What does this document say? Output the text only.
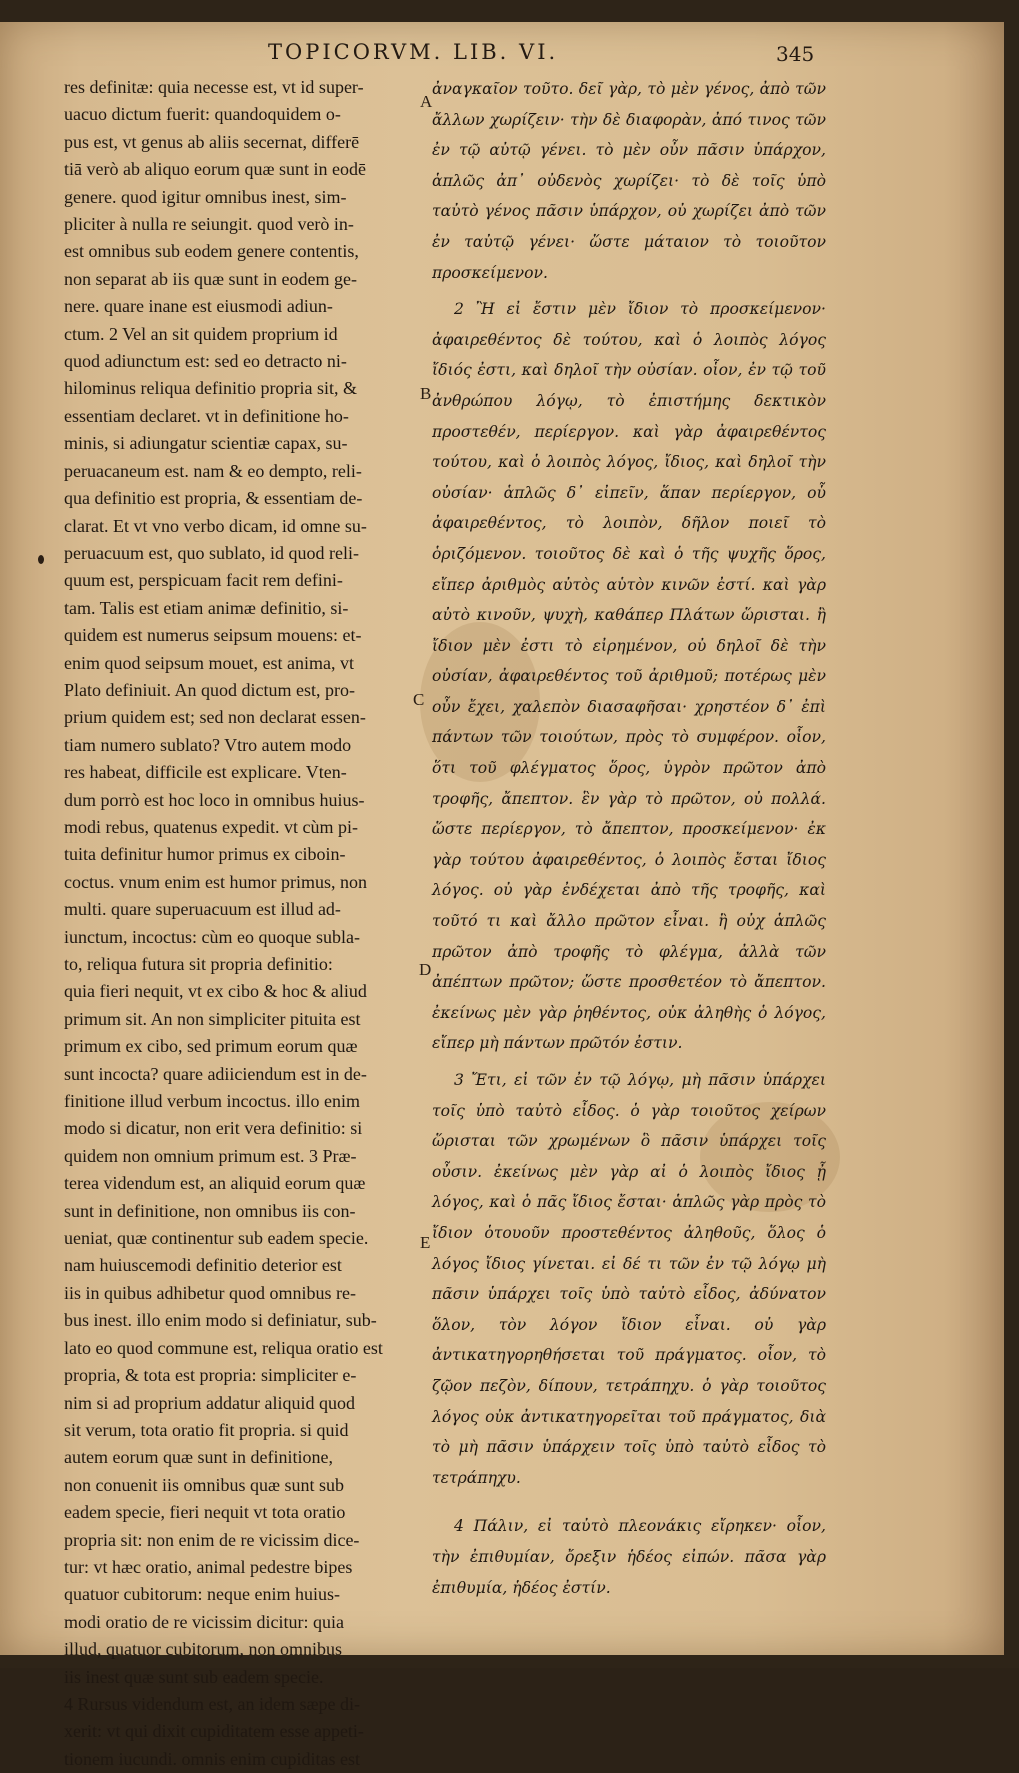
TOPICORVM. LIB. VI.	345

res definitæ: quia necesse est, vt id super-

uacuo dictum fuerit: quandoquidem o-

pus est, vt genus ab aliis secernat, differē

tiā verò ab aliquo eorum quæ sunt in eodē

genere. quod igitur omnibus inest, sim-

pliciter à nulla re seiungit. quod verò in-

est omnibus sub eodem genere contentis,

non separat ab iis quæ sunt in eodem ge-

nere. quare inane est eiusmodi adiun-

ctum. 2 Vel an sit quidem proprium id

quod adiunctum est: sed eo detracto ni-

hilominus reliqua definitio propria sit, &

essentiam declaret. vt in definitione ho-

minis, si adiungatur scientiæ capax, su-

peruacaneum est. nam & eo dempto, reli-

qua definitio est propria, & essentiam de-

clarat. Et vt vno verbo dicam, id omne su-

peruacuum est, quo sublato, id quod reli-

quum est, perspicuam facit rem defini-

tam. Talis est etiam animæ definitio, si-

quidem est numerus seipsum mouens: et-

enim quod seipsum mouet, est anima, vt

Plato definiuit. An quod dictum est, pro-

prium quidem est; sed non declarat essen-

tiam numero sublato? Vtro autem modo

res habeat, difficile est explicare. Vten-

dum porrò est hoc loco in omnibus huius-

modi rebus, quatenus expedit. vt cùm pi-

tuita definitur humor primus ex ciboin-

coctus. vnum enim est humor primus, non

multi. quare superuacuum est illud ad-

iunctum, incoctus: cùm eo quoque subla-

to, reliqua futura sit propria definitio:

quia fieri nequit, vt ex cibo & hoc & aliud

primum sit. An non simpliciter pituita est

primum ex cibo, sed primum eorum quæ

sunt incocta? quare adiiciendum est in de-

finitione illud verbum incoctus. illo enim

modo si dicatur, non erit vera definitio: si

quidem non omnium primum est. 3 Præ-

terea videndum est, an aliquid eorum quæ

sunt in definitione, non omnibus iis con-

ueniat, quæ continentur sub eadem specie.

nam huiuscemodi definitio deterior est

iis in quibus adhibetur quod omnibus re-

bus inest. illo enim modo si definiatur, sub-

lato eo quod commune est, reliqua oratio est

propria, & tota est propria: simpliciter e-

nim si ad proprium addatur aliquid quod

sit verum, tota oratio fit propria. si quid

autem eorum quæ sunt in definitione,

non conuenit iis omnibus quæ sunt sub

eadem specie, fieri nequit vt tota oratio

propria sit: non enim de re vicissim dice-

tur: vt hæc oratio, animal pedestre bipes

quatuor cubitorum: neque enim huius-

modi oratio de re vicissim dicitur: quia

illud, quatuor cubitorum, non omnibus

iis inest quæ sunt sub eadem specie.

4 Rursus videndum est, an idem sæpe di-

xerit: vt qui dixit cupiditatem esse appeti-

tionem iucundi. omnis enim cupiditas est

ἀναγκαῖον τοῦτο. δεῖ γὰρ, τὸ μὲν γένος, ἀπὸ τῶν ἄλλων χωρίζειν· τὴν δὲ διαφορὰν, ἀπό τινος τῶν ἐν τῷ αὐτῷ γένει. τὸ μὲν οὖν πᾶσιν ὑπάρχον, ἁπλῶς ἀπ᾽ οὐδενὸς χωρίζει· τὸ δὲ τοῖς ὑπὸ ταὐτὸ γένος πᾶσιν ὑπάρχον, οὐ χωρίζει ἀπὸ τῶν ἐν ταὐτῷ γένει· ὥστε μάταιον τὸ τοιοῦτον προσκείμενον.

2 Ἢ εἰ ἔστιν μὲν ἴδιον τὸ προσκείμενον· ἀφαιρεθέντος δὲ τούτου, καὶ ὁ λοιπὸς λόγος ἴδιός ἐστι, καὶ δηλοῖ τὴν οὐσίαν. οἷον, ἐν τῷ τοῦ ἀνθρώπου λόγῳ, τὸ ἐπιστήμης δεκτικὸν προστεθέν, περίεργον. καὶ γὰρ ἀφαιρεθέντος τούτου, καὶ ὁ λοιπὸς λόγος, ἴδιος, καὶ δηλοῖ τὴν οὐσίαν· ἁπλῶς δ᾽ εἰπεῖν, ἅπαν περίεργον, οὗ ἀφαιρεθέντος, τὸ λοιπὸν, δῆλον ποιεῖ τὸ ὁριζόμενον. τοιοῦτος δὲ καὶ ὁ τῆς ψυχῆς ὅρος, εἴπερ ἀριθμὸς αὐτὸς αὑτὸν κινῶν ἐστί. καὶ γὰρ αὐτὸ κινοῦν, ψυχὴ, καθάπερ Πλάτων ὥρισται. ἢ ἴδιον μὲν ἐστι τὸ εἰρημένον, οὐ δηλοῖ δὲ τὴν οὐσίαν, ἀφαιρεθέντος τοῦ ἀριθμοῦ; ποτέρως μὲν οὖν ἔχει, χαλεπὸν διασαφῆσαι· χρηστέον δ᾽ ἐπὶ πάντων τῶν τοιούτων, πρὸς τὸ συμφέρον. οἷον, ὅτι τοῦ φλέγματος ὅρος, ὑγρὸν πρῶτον ἀπὸ τροφῆς, ἄπεπτον. ἓν γὰρ τὸ πρῶτον, οὐ πολλά. ὥστε περίεργον, τὸ ἄπεπτον, προσκείμενον· ἐκ γὰρ τούτου ἀφαιρεθέντος, ὁ λοιπὸς ἔσται ἴδιος λόγος. οὐ γὰρ ἐνδέχεται ἀπὸ τῆς τροφῆς, καὶ τοῦτό τι καὶ ἄλλο πρῶτον εἶναι. ἢ οὐχ ἁπλῶς πρῶτον ἀπὸ τροφῆς τὸ φλέγμα, ἀλλὰ τῶν ἀπέπτων πρῶτον; ὥστε προσθετέον τὸ ἄπεπτον. ἐκείνως μὲν γὰρ ῥηθέντος, οὐκ ἀληθὴς ὁ λόγος, εἴπερ μὴ πάντων πρῶτόν ἐστιν.

3 Ἔτι, εἰ τῶν ἐν τῷ λόγῳ, μὴ πᾶσιν ὑπάρχει τοῖς ὑπὸ ταὐτὸ εἶδος. ὁ γὰρ τοιοῦτος χείρων ὥρισται τῶν χρωμένων ὃ πᾶσιν ὑπάρχει τοῖς οὖσιν. ἐκείνως μὲν γὰρ αἰ ὁ λοιπὸς ἴδιος ᾖ λόγος, καὶ ὁ πᾶς ἴδιος ἔσται· ἁπλῶς γὰρ πρὸς τὸ ἴδιον ὁτουοῦν προστεθέντος ἀληθοῦς, ὅλος ὁ λόγος ἴδιος γίνεται. εἰ δέ τι τῶν ἐν τῷ λόγῳ μὴ πᾶσιν ὑπάρχει τοῖς ὑπὸ ταὐτὸ εἶδος, ἀδύνατον ὅλον, τὸν λόγον ἴδιον εἶναι. οὐ γὰρ ἀντικατηγορηθήσεται τοῦ πράγματος. οἷον, τὸ ζῷον πεζὸν, δίπουν, τετράπηχυ. ὁ γὰρ τοιοῦτος λόγος οὐκ ἀντικατηγορεῖται τοῦ πράγματος, διὰ τὸ μὴ πᾶσιν ὑπάρχειν τοῖς ὑπὸ ταὐτὸ εἶδος τὸ τετράπηχυ.

4 Πάλιν, εἰ ταὐτὸ πλεονάκις εἴρηκεν· οἷον, τὴν ἐπιθυμίαν, ὄρεξιν ἡδέος εἰπών. πᾶσα γὰρ ἐπιθυμία, ἡδέος ἐστίν.

A
B
C
D
E
